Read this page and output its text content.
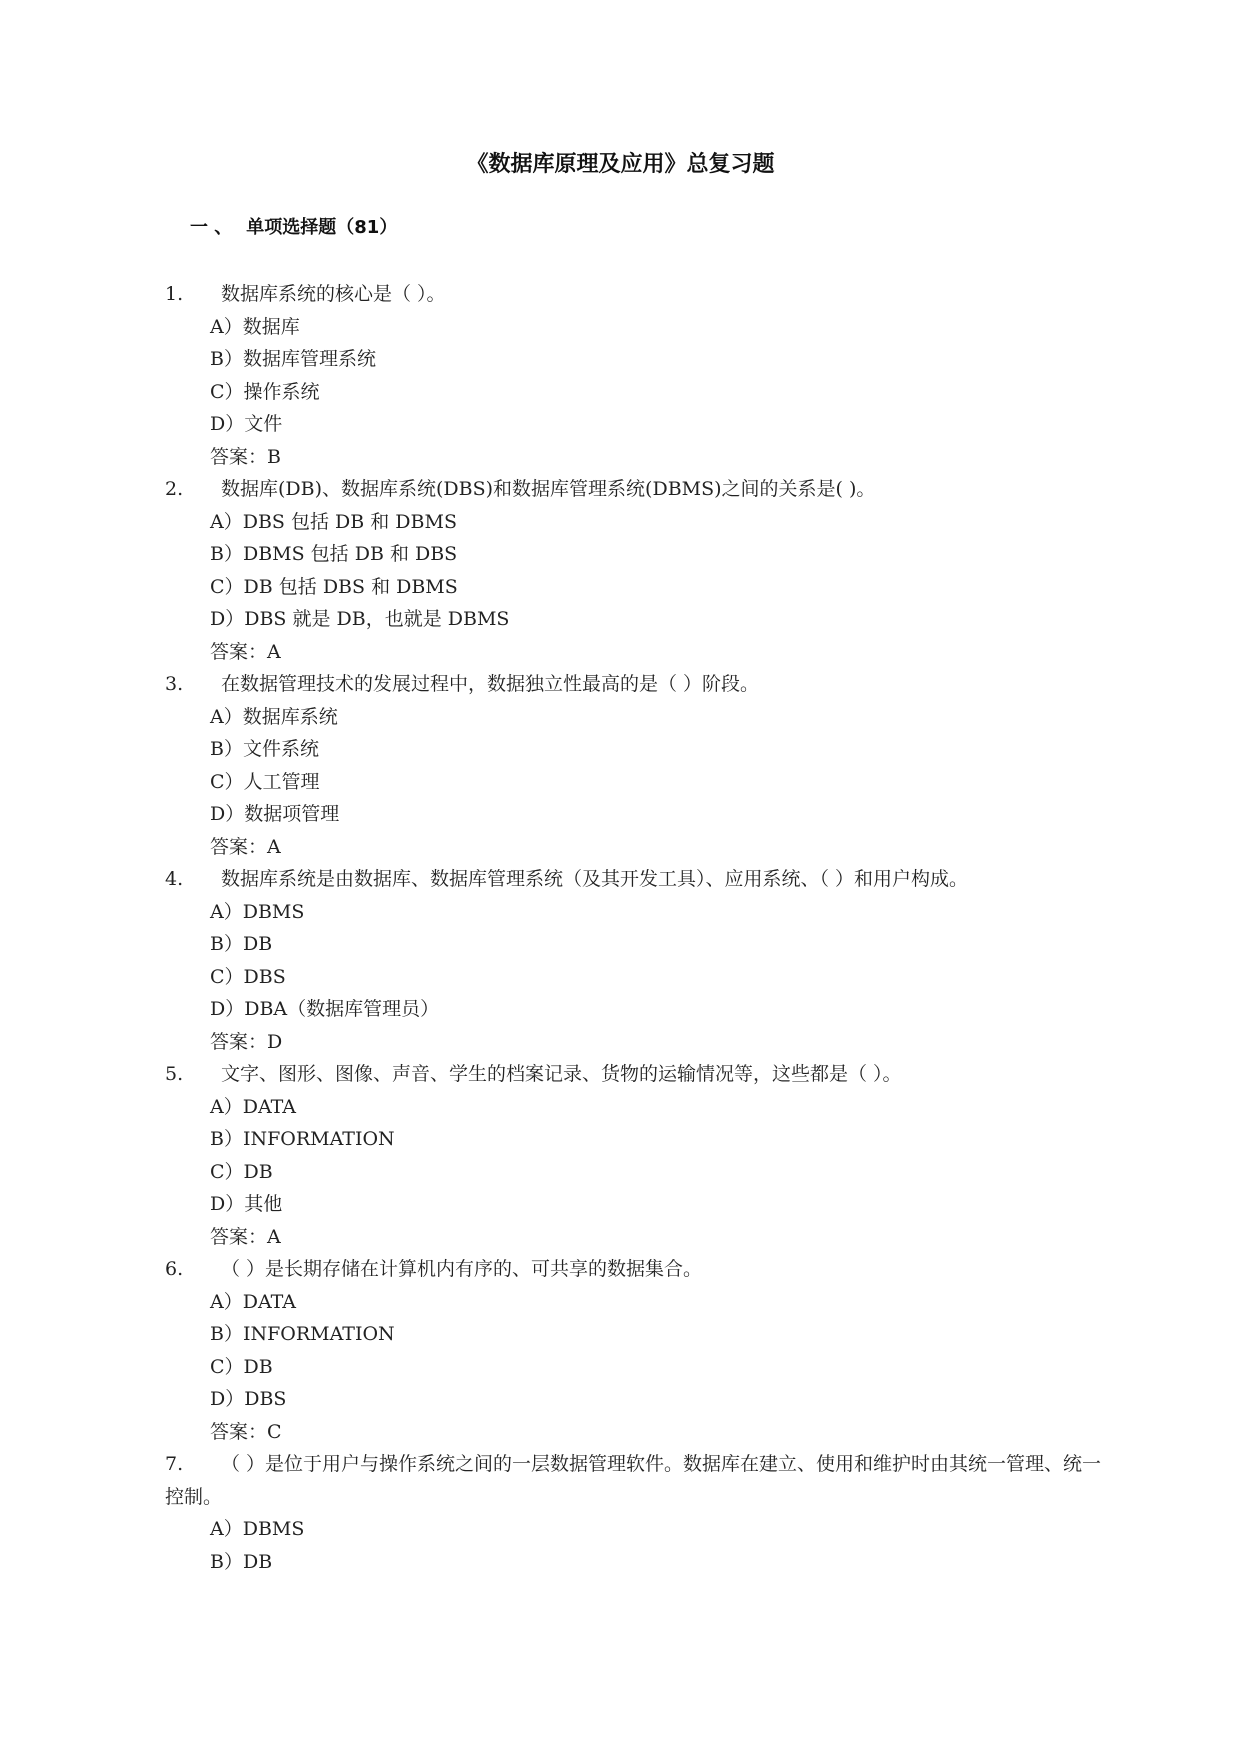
《数据库原理及应用》总复习题
一 、 单项选择题（81）
1. 数据库系统的核心是（ ）。
A）数据库
B）数据库管理系统
C）操作系统
D）文件
答案：B
2. 数据库(DB)、数据库系统(DBS)和数据库管理系统(DBMS)之间的关系是( )。
A）DBS 包括 DB 和 DBMS
B）DBMS 包括 DB 和 DBS
C）DB 包括 DBS 和 DBMS
D）DBS 就是 DB，也就是 DBMS
答案：A
3. 在数据管理技术的发展过程中，数据独立性最高的是（ ）阶段。
A）数据库系统
B）文件系统
C）人工管理
D）数据项管理
答案：A
4. 数据库系统是由数据库、数据库管理系统（及其开发工具）、应用系统、（ ）和用户构成。
A）DBMS
B）DB
C）DBS
D）DBA（数据库管理员）
答案：D
5. 文字、图形、图像、声音、学生的档案记录、货物的运输情况等，这些都是（ ）。
A）DATA
B）INFORMATION
C）DB
D）其他
答案：A
6. （ ）是长期存储在计算机内有序的、可共享的数据集合。
A）DATA
B）INFORMATION
C）DB
D）DBS
答案：C
7. （ ）是位于用户与操作系统之间的一层数据管理软件。数据库在建立、使用和维护时由其统一管理、统一控制。
A）DBMS
B）DB
